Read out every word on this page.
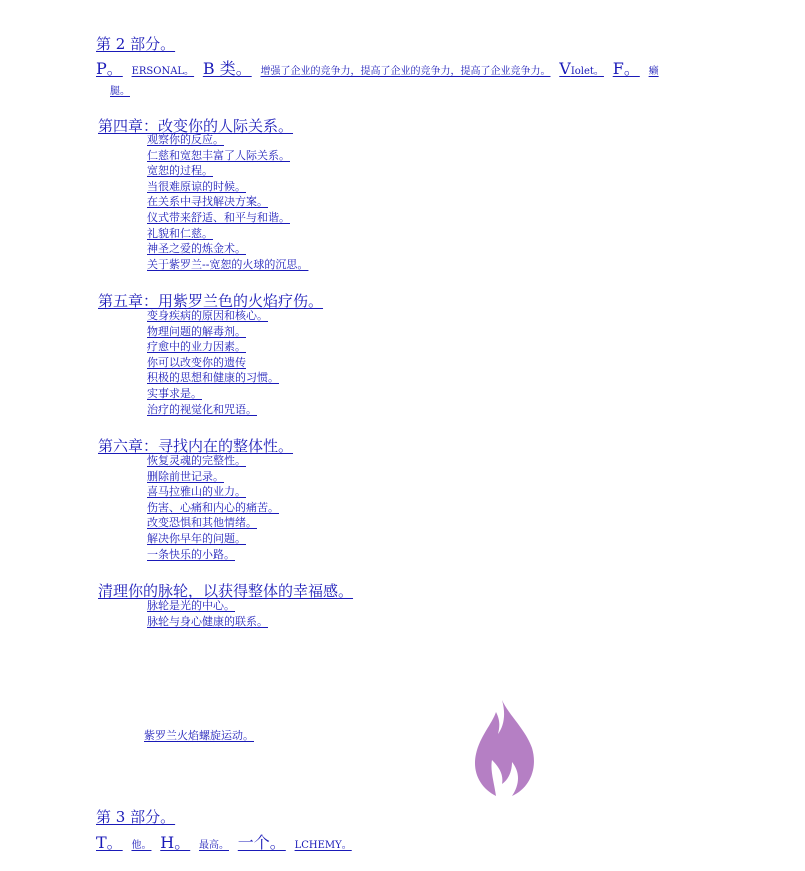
第 2 部分。
P。 ERSONAL。 B 类。 增强了企业的竞争力，提高了企业的竞争力，提高了企业竞争力。 VIolet。 F。 癞
腿。
第四章：改变你的人际关系。
观察你的反应。
仁慈和宽恕丰富了人际关系。
宽恕的过程。
当很难原谅的时候。
在关系中寻找解决方案。
仪式带来舒适、和平与和谐。
礼貌和仁慈。
神圣之爱的炼金术。
关于紫罗兰--宽恕的火球的沉思。
第五章：用紫罗兰色的火焰疗伤。
变身疾病的原因和核心。
物理问题的解毒剂。
疗愈中的业力因素。
你可以改变你的遗传
积极的思想和健康的习惯。
实事求是。
治疗的视觉化和咒语。
第六章：寻找内在的整体性。
恢复灵魂的完整性。
删除前世记录。
喜马拉雅山的业力。
伤害、心痛和内心的痛苦。
改变恐惧和其他情绪。
解决你早年的问题。
一条快乐的小路。
清理你的脉轮，以获得整体的幸福感。
脉轮是光的中心。
脉轮与身心健康的联系。
紫罗兰火焰螺旋运动。
第 3 部分。
T。 他。 H。 最高。 一个。 LCHEMY。
